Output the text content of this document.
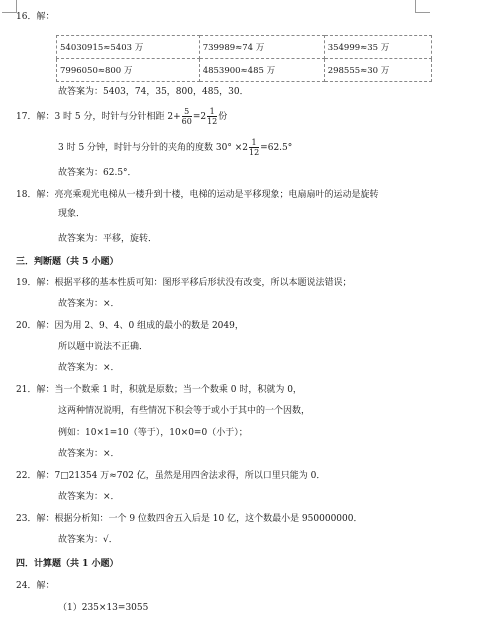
16．解：
54030915≈5403 万	739989≈74 万	354999≈35 万
7996050≈800 万	4853900≈485 万	298555≈30 万
故答案为：5403，74，35，800，485，30．
17．解：3 时 5 分，时针与分针相距 $2+ \frac{5}{60} =2 \frac{1}{12}$ 份
3 时 5 分钟，时针与分针的夹角的度数 $30^\circ \times 2 \frac{1}{12} =62.5^\circ$
故答案为：62.5°．
18．解：亮亮乘观光电梯从一楼升到十楼，电梯的运动是平移现象；电扇扇叶的运动是旋转
现象．
故答案为：平移，旋转．
三．判断题（共 5 小题）
19．解：根据平移的基本性质可知：图形平移后形状没有改变，所以本题说法错误；
故答案为：×．
20．解：因为用 2、9、4、0 组成的最小的数是 2049，
所以题中说法不正确．
故答案为：×．
21．解：当一个数乘 1 时，积就是原数；当一个数乘 0 时，积就为 0，
这两种情况说明，有些情况下积会等于或小于其中的一个因数，
例如：10×1=10（等于），10×0=0（小于）；
故答案为：×．
22．解：7□21354 万≈702 亿，虽然是用四舍法求得，所以口里只能为 0．
故答案为：×．
23．解：根据分析知：一个 9 位数四舍五入后是 10 亿，这个数最小是 950000000．
故答案为：√．
四．计算题（共 1 小题）
24．解：
（1）235×13=3055
